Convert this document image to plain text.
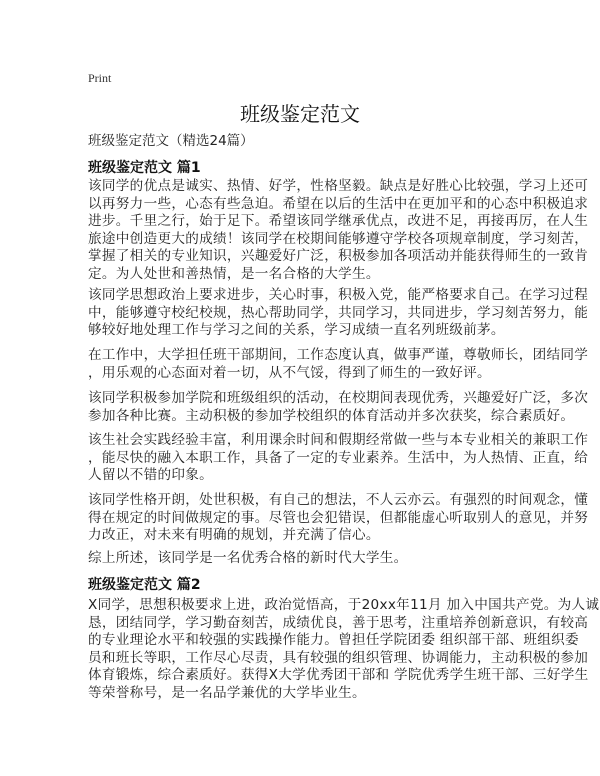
Print
班级鉴定范文
班级鉴定范文（精选24篇）
班级鉴定范文 篇1
该同学的优点是诚实、热情、好学，性格坚毅。缺点是好胜心比较强，学习上还可
以再努力一些，心态有些急迫。希望在以后的生活中在更加平和的心态中积极追求
进步。千里之行，始于足下。希望该同学继承优点，改进不足，再接再厉，在人生
旅途中创造更大的成绩！该同学在校期间能够遵守学校各项规章制度，学习刻苦，
掌握了相关的专业知识，兴趣爱好广泛，积极参加各项活动并能获得师生的一致肯
定。为人处世和善热情，是一名合格的大学生。
该同学思想政治上要求进步，关心时事，积极入党，能严格要求自己。在学习过程
中，能够遵守校纪校规，热心帮助同学，共同学习，共同进步，学习刻苦努力，能
够较好地处理工作与学习之间的关系，学习成绩一直名列班级前茅。
在工作中，大学担任班干部期间，工作态度认真，做事严谨，尊敬师长，团结同学
，用乐观的心态面对着一切，从不气馁，得到了师生的一致好评。
该同学积极参加学院和班级组织的活动，在校期间表现优秀，兴趣爱好广泛，多次
参加各种比赛。主动积极的参加学校组织的体育活动并多次获奖，综合素质好。
该生社会实践经验丰富，利用课余时间和假期经常做一些与本专业相关的兼职工作
，能尽快的融入本职工作，具备了一定的专业素养。生活中，为人热情、正直，给
人留以不错的印象。
该同学性格开朗，处世积极，有自己的想法，不人云亦云。有强烈的时间观念，懂
得在规定的时间做规定的事。尽管也会犯错误，但都能虚心听取别人的意见，并努
力改正，对未来有明确的规划，并充满了信心。
综上所述，该同学是一名优秀合格的新时代大学生。
班级鉴定范文 篇2
X同学，思想积极要求上进，政治觉悟高，于20xx年11月 加入中国共产党。为人诚
恳，团结同学，学习勤奋刻苦，成绩优良，善于思考，注重培养创新意识，有较高
的专业理论水平和较强的实践操作能力。曾担任学院团委 组织部干部、班组织委
员和班长等职，工作尽心尽责，具有较强的组织管理、协调能力，主动积极的参加
体育锻炼，综合素质好。获得X大学优秀团干部和 学院优秀学生班干部、三好学生
等荣誉称号，是一名品学兼优的大学毕业生。
